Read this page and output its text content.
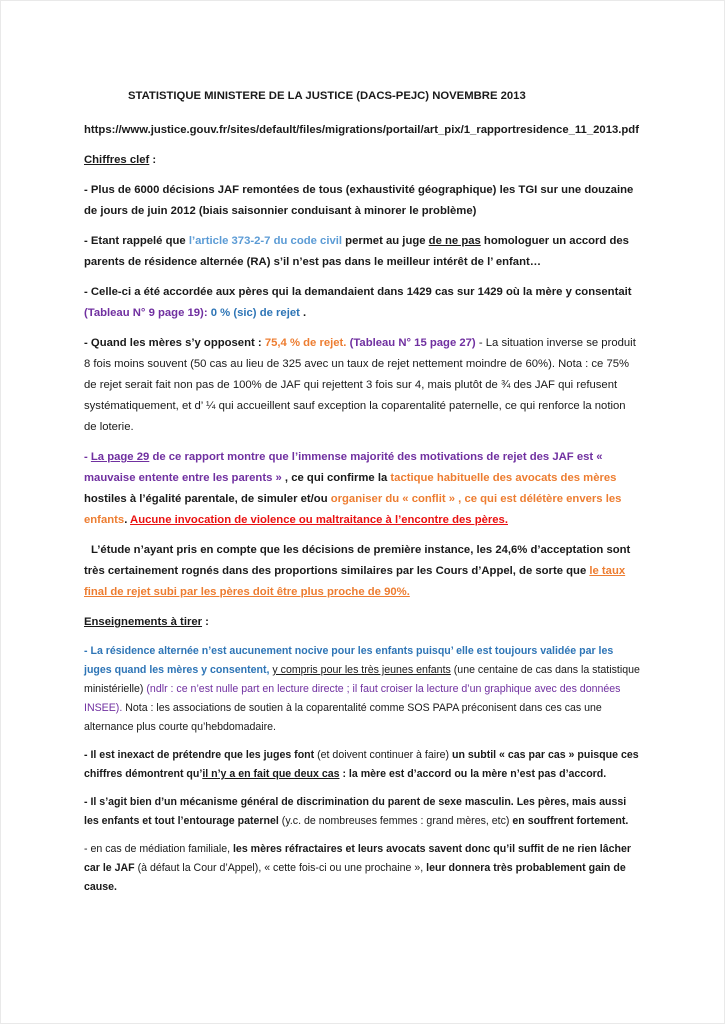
STATISTIQUE MINISTERE DE LA JUSTICE (DACS-PEJC) NOVEMBRE 2013

https://www.justice.gouv.fr/sites/default/files/migrations/portail/art_pix/1_rapportresidence_11_2013.pdf

Chiffres clef :

- Plus de 6000 décisions JAF remontées de tous (exhaustivité géographique) les TGI sur une douzaine de jours de juin 2012 (biais saisonnier conduisant à minorer le problème)

- Etant rappelé que l’article 373-2-7 du code civil permet au juge de ne pas homologuer un accord des parents de résidence alternée (RA) s’il n’est pas dans le meilleur intérêt de l’ enfant…

- Celle-ci a été accordée aux pères qui la demandaient dans 1429 cas sur 1429 où la mère y consentait (Tableau N° 9 page 19): 0 % (sic) de rejet .

- Quand les mères s’y opposent : 75,4 % de rejet. (Tableau N° 15 page 27) - La situation inverse se produit 8 fois moins souvent (50 cas au lieu de 325 avec un taux de rejet nettement moindre de 60%). Nota : ce 75% de rejet serait fait non pas de 100% de JAF qui rejettent 3 fois sur 4, mais plutôt de ¾ des JAF qui refusent systématiquement, et d’ ¼ qui accueillent sauf exception la coparentalité paternelle, ce qui renforce la notion de loterie.

- La page 29 de ce rapport montre que l’immense majorité des motivations de rejet des JAF est « mauvaise entente entre les parents » , ce qui confirme la tactique habituelle des avocats des mères hostiles à l’égalité parentale, de simuler et/ou organiser du « conflit » , ce qui est délétère envers les enfants. Aucune invocation de violence ou maltraitance à l’encontre des pères.

L’étude n’ayant pris en compte que les décisions de première instance, les 24,6% d’acceptation sont très certainement rognés dans des proportions similaires par les Cours d’Appel, de sorte que le taux final de rejet subi par les pères doit être plus proche de 90%.

Enseignements à tirer :

- La résidence alternée n’est aucunement nocive pour les enfants puisqu’ elle est toujours validée par les juges quand les mères y consentent, y compris pour les très jeunes enfants (une centaine de cas dans la statistique ministérielle) (ndlr : ce n’est nulle part en lecture directe ; il faut croiser la lecture d’un graphique avec des données INSEE). Nota : les associations de soutien à la coparentalité comme SOS PAPA préconisent dans ces cas une alternance plus courte qu’hebdomadaire.

- Il est inexact de prétendre que les juges font (et doivent continuer à faire) un subtil « cas par cas » puisque ces chiffres démontrent qu’il n’y a en fait que deux cas : la mère est d’accord ou la mère n’est pas d’accord.

- Il s’agit bien d’un mécanisme général de discrimination du parent de sexe masculin. Les pères, mais aussi les enfants et tout l’entourage paternel (y.c. de nombreuses femmes : grand mères, etc) en souffrent fortement.

- en cas de médiation familiale, les mères réfractaires et leurs avocats savent donc qu’il suffit de ne rien lâcher car le JAF (à défaut la Cour d’Appel), « cette fois-ci ou une prochaine », leur donnera très probablement gain de cause.
